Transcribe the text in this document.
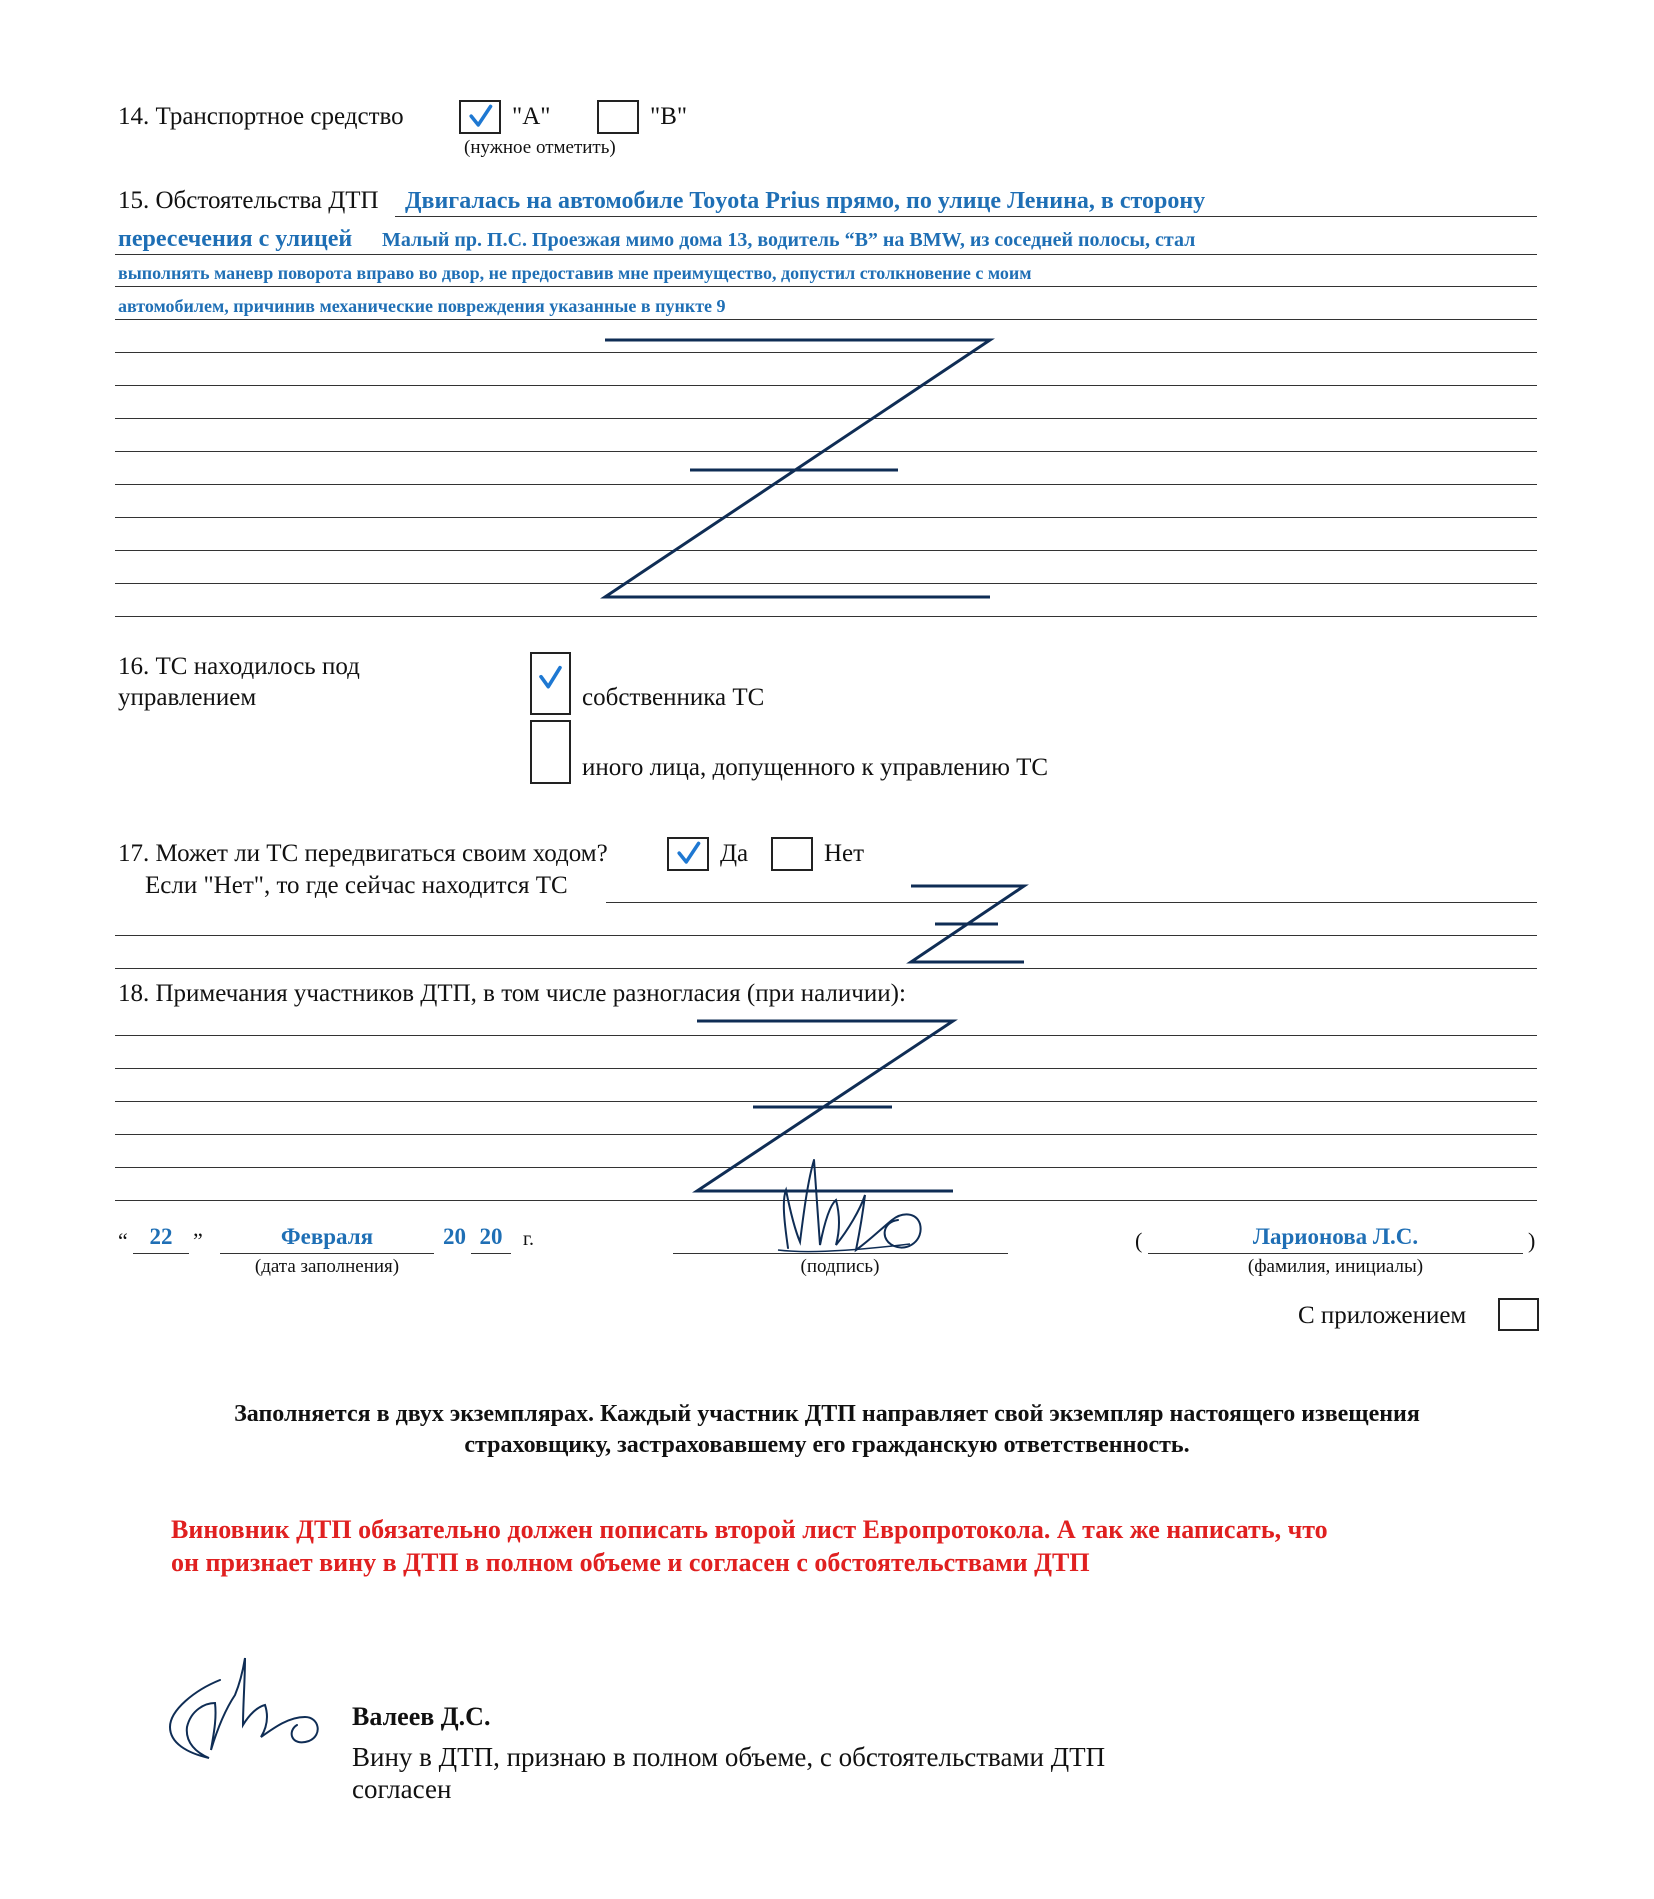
14. Транспортное средство	"А"	"В"
(нужное отметить)
15. Обстоятельства ДТП Двигалась на автомобиле Toyota Prius прямо, по улице Ленина, в сторону
пересечения с улицей Малый пр. П.С. Проезжая мимо дома 13, водитель “В” на BMW, из соседней полосы, стал
выполнять маневр поворота вправо во двор, не предоставив мне преимущество, допустил столкновение с моим
автомобилем, причинив механические повреждения указанные в пункте 9
16. ТС находилось под
управлением	собственника ТС
иного лица, допущенного к управлению ТС
17. Может ли ТС передвигаться своим ходом?	Да	Нет
Если "Нет", то где сейчас находится ТС
18. Примечания участников ДТП, в том числе разногласия (при наличии):
“ 22 ”	Февраля	20 20	г.
(дата заполнения)	(подпись)
(	Ларионова Л.С.	)
(фамилия, инициалы)
С приложением
Заполняется в двух экземплярах. Каждый участник ДТП направляет свой экземпляр настоящего извещения
страховщику, застраховавшему его гражданскую ответственность.
Виновник ДТП обязательно должен пописать второй лист Европротокола. А так же написать, что
он признает вину в ДТП в полном объеме и согласен с обстоятельствами ДТП
Валеев Д.С.
Вину в ДТП, признаю в полном объеме, с обстоятельствами ДТП
согласен
